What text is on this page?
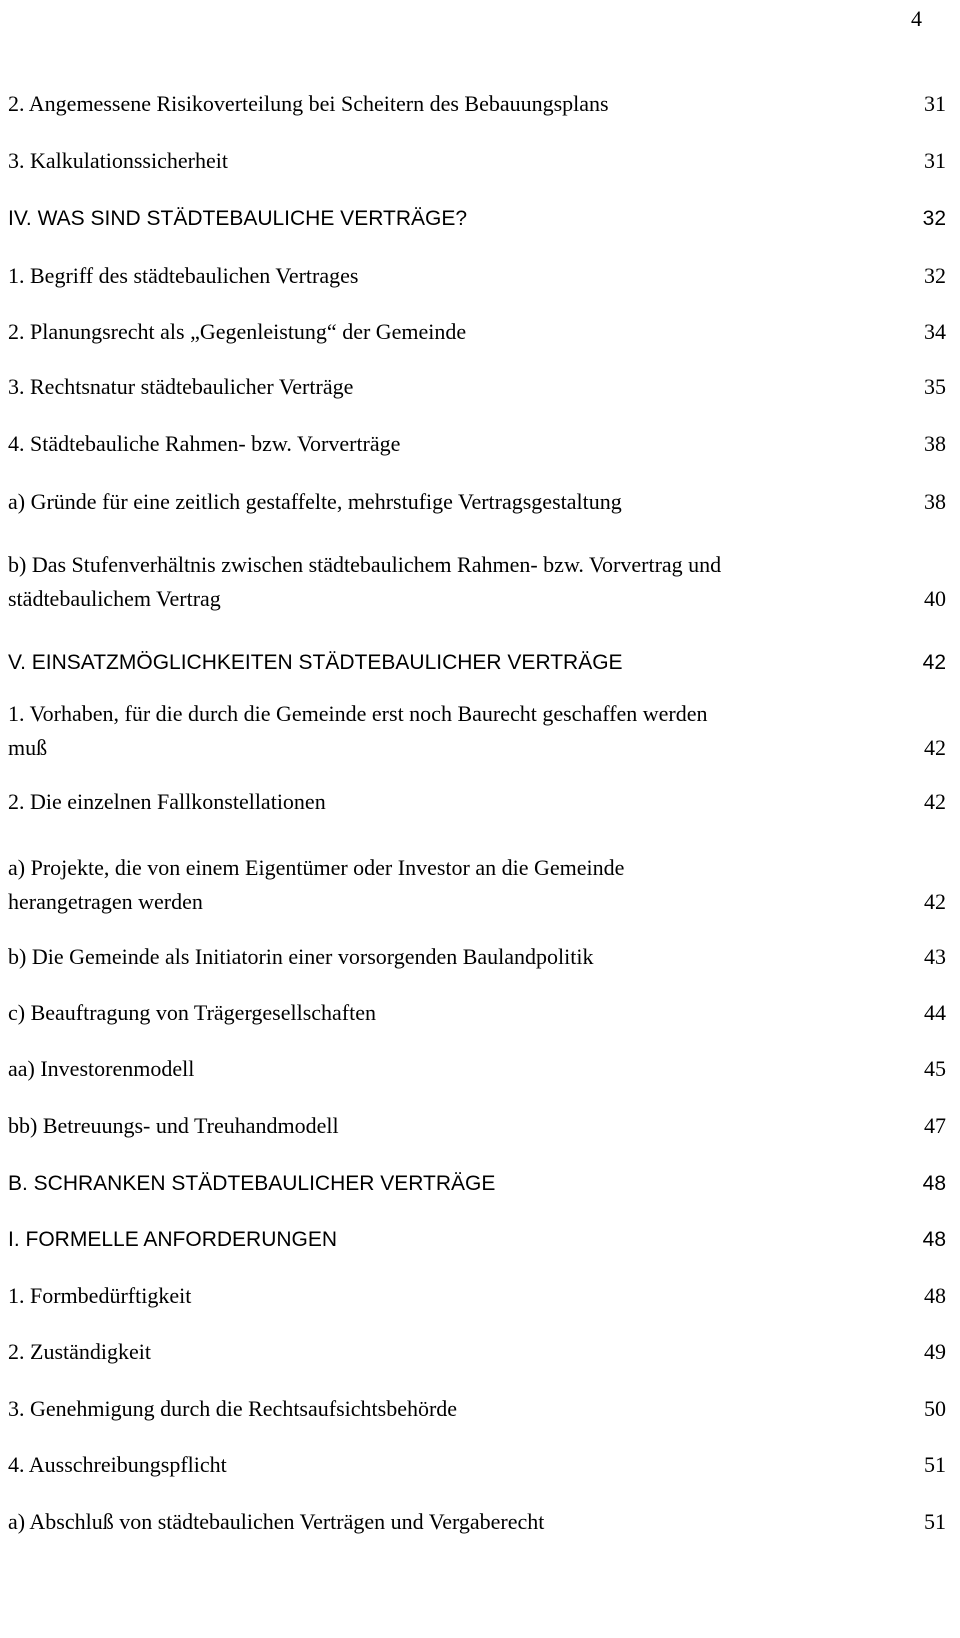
4
2. Angemessene Risikoverteilung bei Scheitern des Bebauungsplans	31
3. Kalkulationssicherheit	31
IV. WAS SIND STÄDTEBAULICHE VERTRÄGE?	32
1. Begriff des städtebaulichen Vertrages	32
2. Planungsrecht als „Gegenleistung“ der Gemeinde	34
3. Rechtsnatur städtebaulicher Verträge	35
4. Städtebauliche Rahmen- bzw. Vorverträge	38
a) Gründe für eine zeitlich gestaffelte, mehrstufige Vertragsgestaltung	38
b) Das Stufenverhältnis zwischen städtebaulichem Rahmen- bzw. Vorvertrag und
städtebaulichem Vertrag	40
V. EINSATZMÖGLICHKEITEN STÄDTEBAULICHER VERTRÄGE	42
1. Vorhaben, für die durch die Gemeinde erst noch Baurecht geschaffen werden
muß	42
2. Die einzelnen Fallkonstellationen	42
a) Projekte, die von einem Eigentümer oder Investor an die Gemeinde
herangetragen werden	42
b) Die Gemeinde als Initiatorin einer vorsorgenden Baulandpolitik	43
c) Beauftragung von Trägergesellschaften	44
aa) Investorenmodell	45
bb) Betreuungs- und Treuhandmodell	47
B. SCHRANKEN STÄDTEBAULICHER VERTRÄGE	48
I. FORMELLE ANFORDERUNGEN	48
1. Formbedürftigkeit	48
2. Zuständigkeit	49
3. Genehmigung durch die Rechtsaufsichtsbehörde	50
4. Ausschreibungspflicht	51
a) Abschluß von städtebaulichen Verträgen und Vergaberecht	51
